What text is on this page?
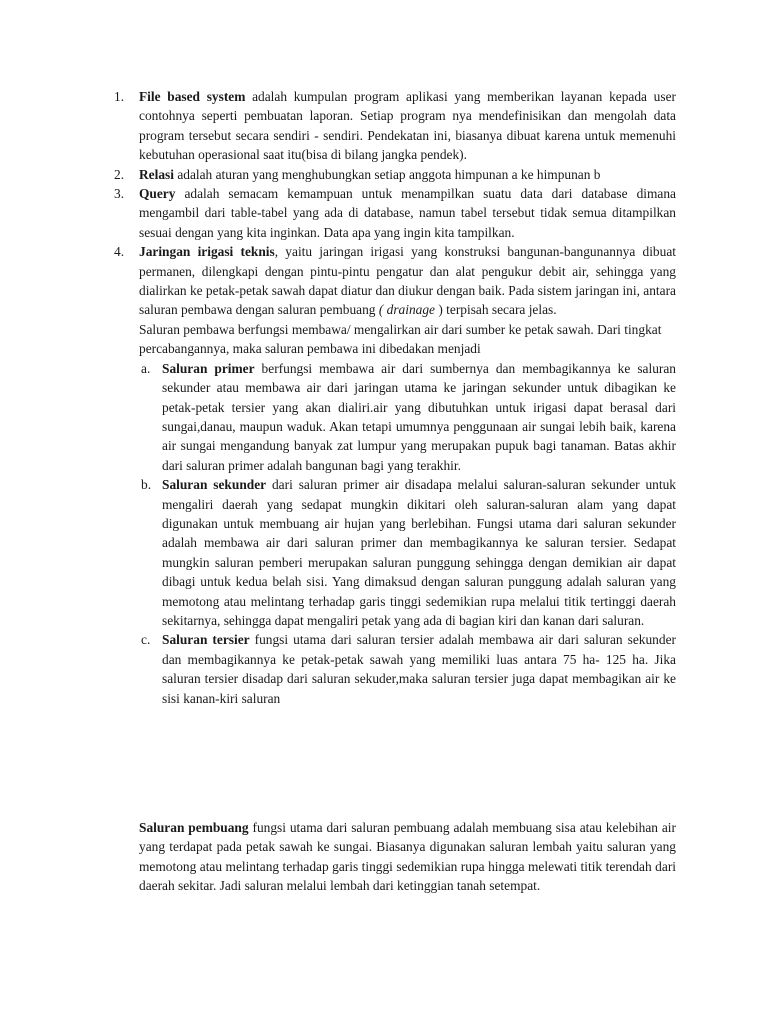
1. File based system adalah kumpulan program aplikasi yang memberikan layanan kepada user contohnya seperti pembuatan laporan. Setiap program nya mendefinisikan dan mengolah data program tersebut secara sendiri - sendiri. Pendekatan ini, biasanya dibuat karena untuk memenuhi kebutuhan operasional saat itu(bisa di bilang jangka pendek).

2. Relasi adalah aturan yang menghubungkan setiap anggota himpunan a ke himpunan b

3. Query adalah semacam kemampuan untuk menampilkan suatu data dari database dimana mengambil dari table-tabel yang ada di database, namun tabel tersebut tidak semua ditampilkan sesuai dengan yang kita inginkan. Data apa yang ingin kita tampilkan.

4. Jaringan irigasi teknis, yaitu jaringan irigasi yang konstruksi bangunan-bangunannya dibuat permanen, dilengkapi dengan pintu-pintu pengatur dan alat pengukur debit air, sehingga yang dialirkan ke petak-petak sawah dapat diatur dan diukur dengan baik. Pada sistem jaringan ini, antara saluran pembawa dengan saluran pembuang ( drainage ) terpisah secara jelas.

Saluran pembawa berfungsi membawa/ mengalirkan air dari sumber ke petak sawah. Dari tingkat percabangannya, maka saluran pembawa ini dibedakan menjadi

a. Saluran primer berfungsi membawa air dari sumbernya dan membagikannya ke saluran sekunder atau membawa air dari jaringan utama ke jaringan sekunder untuk dibagikan ke petak-petak tersier yang akan dialiri.air yang dibutuhkan untuk irigasi dapat berasal dari sungai,danau, maupun waduk. Akan tetapi umumnya penggunaan air sungai lebih baik, karena air sungai mengandung banyak zat lumpur yang merupakan pupuk bagi tanaman. Batas akhir dari saluran primer adalah bangunan bagi yang terakhir.

b. Saluran sekunder dari saluran primer air disadapa melalui saluran-saluran sekunder untuk mengaliri daerah yang sedapat mungkin dikitari oleh saluran-saluran alam yang dapat digunakan untuk membuang air hujan yang berlebihan. Fungsi utama dari saluran sekunder adalah membawa air dari saluran primer dan membagikannya ke saluran tersier. Sedapat mungkin saluran pemberi merupakan saluran punggung sehingga dengan demikian air dapat dibagi untuk kedua belah sisi. Yang dimaksud dengan saluran punggung adalah saluran yang memotong atau melintang terhadap garis tinggi sedemikian rupa melalui titik tertinggi daerah sekitarnya, sehingga dapat mengaliri petak yang ada di bagian kiri dan kanan dari saluran.

c. Saluran tersier fungsi utama dari saluran tersier adalah membawa air dari saluran sekunder dan membagikannya ke petak-petak sawah yang memiliki luas antara 75 ha- 125 ha. Jika saluran tersier disadap dari saluran sekuder,maka saluran tersier juga dapat membagikan air ke sisi kanan-kiri saluran

Saluran pembuang fungsi utama dari saluran pembuang adalah membuang sisa atau kelebihan air yang terdapat pada petak sawah ke sungai. Biasanya digunakan saluran lembah yaitu saluran yang memotong atau melintang terhadap garis tinggi sedemikian rupa hingga melewati titik terendah dari daerah sekitar. Jadi saluran melalui lembah dari ketinggian tanah setempat.
